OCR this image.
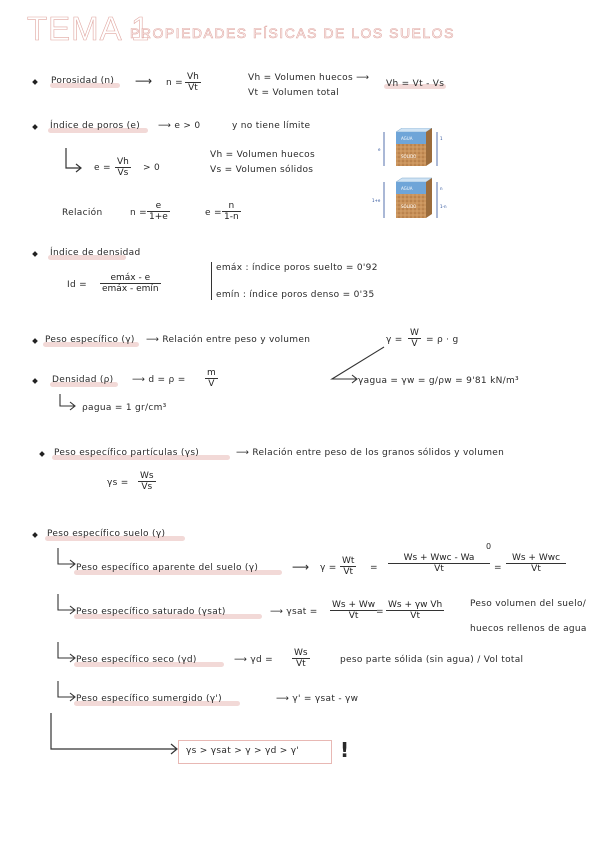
TEMA 1
PROPIEDADES FÍSICAS DE LOS SUELOS
Porosidad (n) ⟶ $n = \frac{Vh}{Vt}$	Vh = Volumen huecos ⟶
Vt = Volumen total
Vh = Vt - Vs
Índice de poros (e) ⟶ e > 0	y no tiene límite
$e = \frac{Vh}{Vs} > 0$
Vh = Volumen huecos
Vs = Volumen sólidos
Relación	$n = \frac{e}{1+e}$	$e = \frac{n}{1-n}$
AGUA
SÓLIDO
e
1
AGUA
SÓLIDO
1+e
n
1-n
Índice de densidad
Id =
emáx - e
emáx - emín
emáx : índice poros suelto = 0'92
emín : índice poros denso = 0'35
Peso específico (γ) ⟶ Relación entre peso y volumen	$\gamma = \frac{W}{V} = \rho \cdot g$
γagua = γw = g/ρw = 9'81 kN/m³
Densidad (ρ) ⟶ $d = \rho = \frac{m}{V}$
ρagua = 1 gr/cm³
Peso específico partículas (γs)	⟶ Relación entre peso de los granos sólidos y volumen
$\gamma s = \frac{Ws}{Vs}$
Peso específico suelo (γ)
Peso específico aparente del suelo (γ)	⟶ $\gamma = \frac{Wt}{Vt}$ =
Ws + Wwc - Wa
Vt
0
=
Ws + Wwc
Vt
Peso específico saturado (γsat)	⟶ $\gamma sat = \frac{Ws + Ww}{Vt}$
= $\frac{\text{Ws + γw Vh}}{Vt}$	Peso volumen del suelo/
huecos rellenos de agua
Peso específico seco (γd)	⟶ $\gamma d = \frac{Ws}{Vt}$	peso parte sólida (sin agua) / Vol total
Peso específico sumergido (γ')	⟶ γ' = γsat - γw
γs > γsat > γ > γd > γ' !
